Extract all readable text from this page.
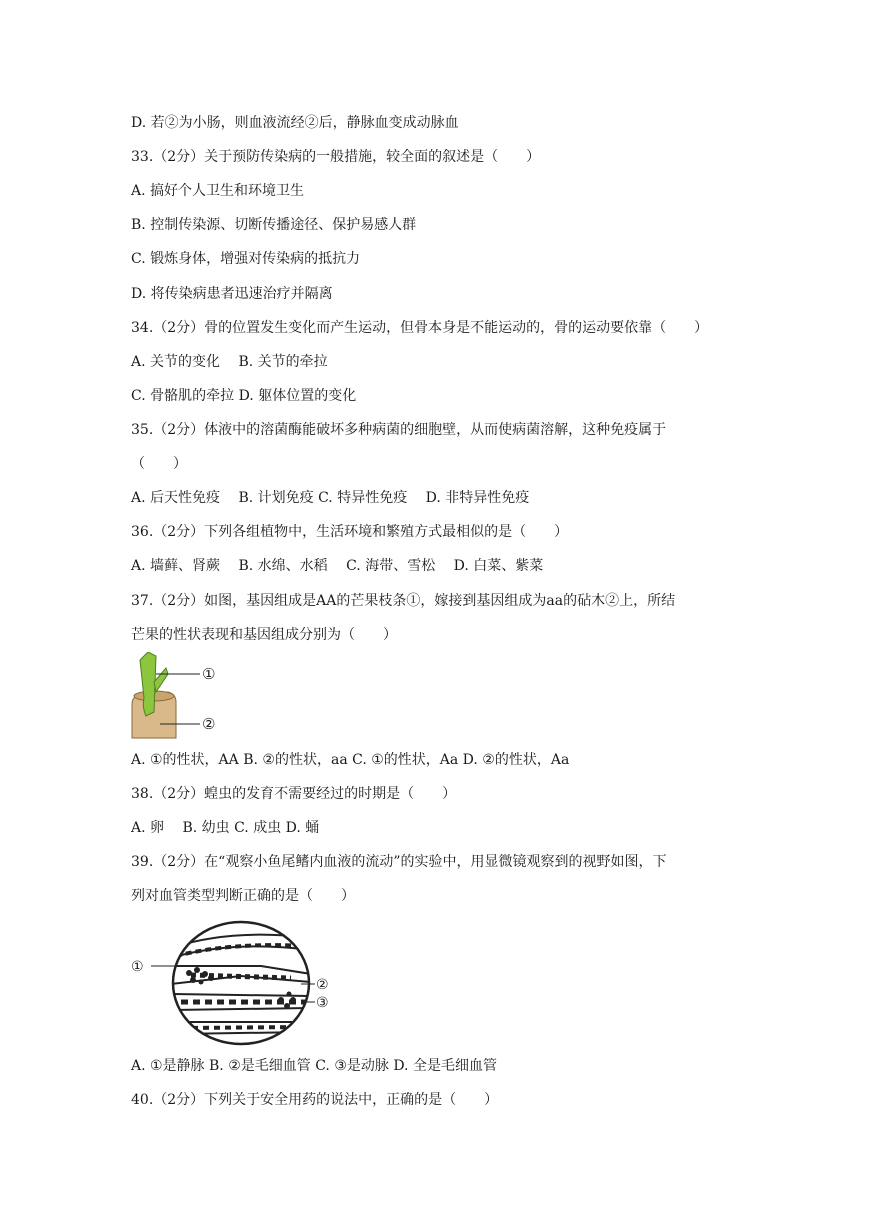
D. 若②为小肠，则血液流经②后，静脉血变成动脉血
33.（2分）关于预防传染病的一般措施，较全面的叙述是（　　）
A. 搞好个人卫生和环境卫生
B. 控制传染源、切断传播途径、保护易感人群
C. 锻炼身体，增强对传染病的抵抗力
D. 将传染病患者迅速治疗并隔离
34.（2分）骨的位置发生变化而产生运动，但骨本身是不能运动的，骨的运动要依靠（　　）
A. 关节的变化　 B. 关节的牵拉
C. 骨骼肌的牵拉 D. 躯体位置的变化
35.（2分）体液中的溶菌酶能破坏多种病菌的细胞壁，从而使病菌溶解，这种免疫属于
（　　）
A. 后天性免疫　 B. 计划免疫 C. 特异性免疫　 D. 非特异性免疫
36.（2分）下列各组植物中，生活环境和繁殖方式最相似的是（　　）
A. 墙藓、肾蕨　 B. 水绵、水稻　 C. 海带、雪松　 D. 白菜、紫菜
37.（2分）如图，基因组成是AA的芒果枝条①，嫁接到基因组成为aa的砧木②上，所结
芒果的性状表现和基因组成分别为（　　）
①
②
A. ①的性状，AA B. ②的性状，aa C. ①的性状，Aa D. ②的性状，Aa
38.（2分）蝗虫的发育不需要经过的时期是（　　）
A. 卵　 B. 幼虫 C. 成虫 D. 蛹
39.（2分）在“观察小鱼尾鳍内血液的流动”的实验中，用显微镜观察到的视野如图，下
列对血管类型判断正确的是（　　）
①
②
③
A. ①是静脉 B. ②是毛细血管 C. ③是动脉 D. 全是毛细血管
40.（2分）下列关于安全用药的说法中，正确的是（　　）
